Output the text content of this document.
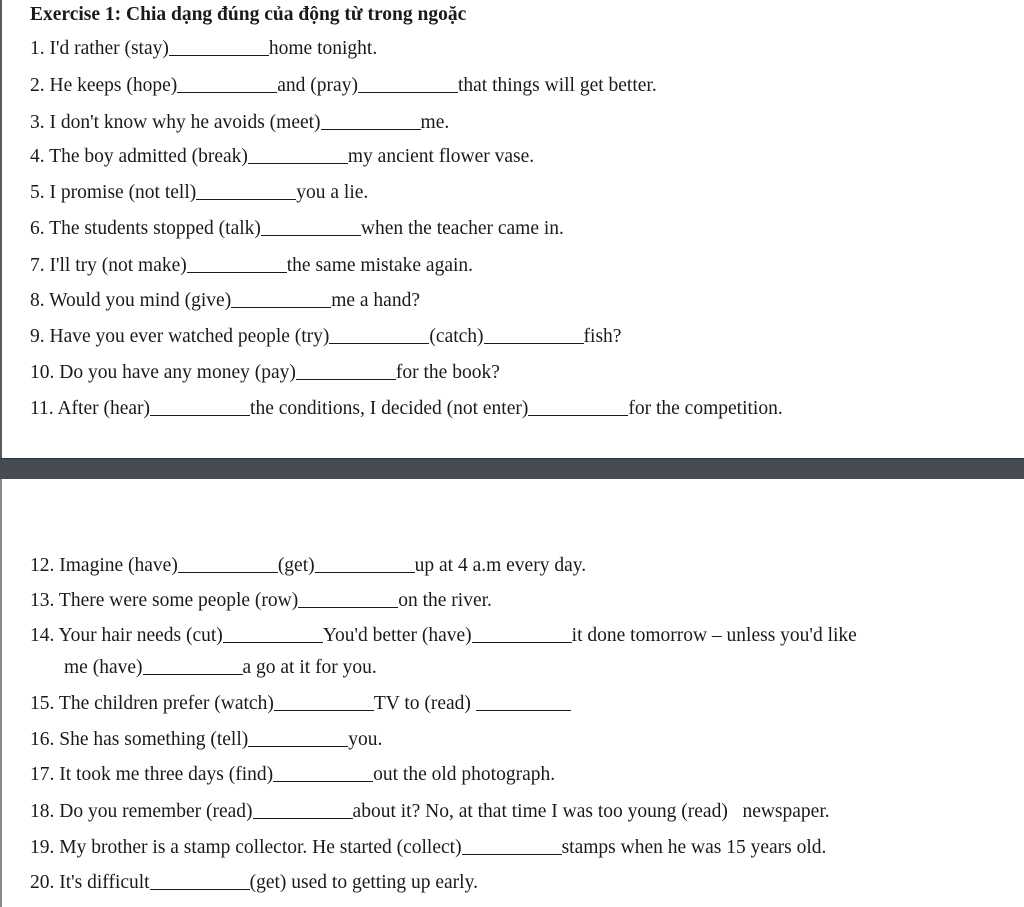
Exercise 1: Chia dạng đúng của động từ trong ngoặc
1. I'd rather (stay)	home tonight.
2. He keeps (hope)	and (pray)	that things will get better.
3. I don't know why he avoids (meet)	me.
4. The boy admitted (break)	my ancient flower vase.
5. I promise (not tell)	you a lie.
6. The students stopped (talk)	when the teacher came in.
7. I'll try (not make)	the same mistake again.
8. Would you mind (give)	me a hand?
9. Have you ever watched people (try)	(catch)	fish?
10. Do you have any money (pay)	for the book?
11. After (hear)	the conditions, I decided (not enter)	for the competition.
12. Imagine (have)	(get)	up at 4 a.m every day.
13. There were some people (row)	on the river.
14. Your hair needs (cut)	You'd better (have)	it done tomorrow – unless you'd like
me (have)	a go at it for you.
15. The children prefer (watch)	TV to (read)
16. She has something (tell)	you.
17. It took me three days (find)	out the old photograph.
18. Do you remember (read)	about it? No, at that time I was too young (read)   newspaper.
19. My brother is a stamp collector. He started (collect)	stamps when he was 15 years old.
20. It's difficult	(get) used to getting up early.
